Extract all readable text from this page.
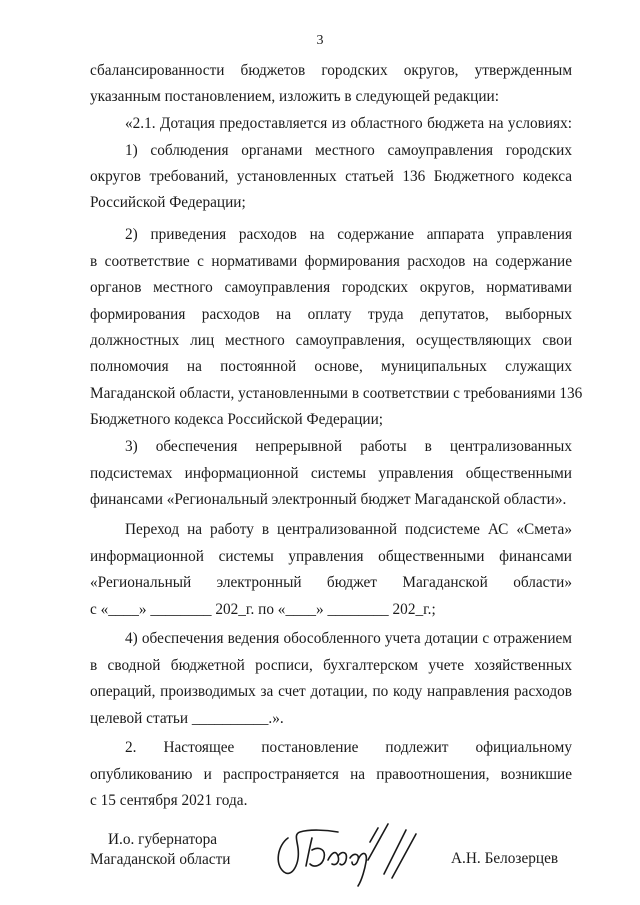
3
сбалансированности бюджетов городских округов, утвержденным
указанным постановлением, изложить в следующей редакции:
«2.1. Дотация предоставляется из областного бюджета на условиях:
1) соблюдения органами местного самоуправления городских
округов требований, установленных статьей 136 Бюджетного кодекса
Российской Федерации;
2) приведения расходов на содержание аппарата управления
в соответствие с нормативами формирования расходов на содержание
органов местного самоуправления городских округов, нормативами
формирования расходов на оплату труда депутатов, выборных
должностных лиц местного самоуправления, осуществляющих свои
полномочия на постоянной основе, муниципальных служащих
Магаданской области, установленными в соответствии с требованиями 136
Бюджетного кодекса Российской Федерации;
3) обеспечения непрерывной работы в централизованных
подсистемах информационной системы управления общественными
финансами «Региональный электронный бюджет Магаданской области».
Переход на работу в централизованной подсистеме АС «Смета»
информационной системы управления общественными финансами
«Региональный электронный бюджет Магаданской области»
с «____» ________ 202_г. по «____» ________ 202_г.;
4) обеспечения ведения обособленного учета дотации с отражением
в сводной бюджетной росписи, бухгалтерском учете хозяйственных
операций, производимых за счет дотации, по коду направления расходов
целевой статьи __________.».
2. Настоящее постановление подлежит официальному
опубликованию и распространяется на правоотношения, возникшие
с 15 сентября 2021 года.
И.о. губернатора
Магаданской области	А.Н. Белозерцев
